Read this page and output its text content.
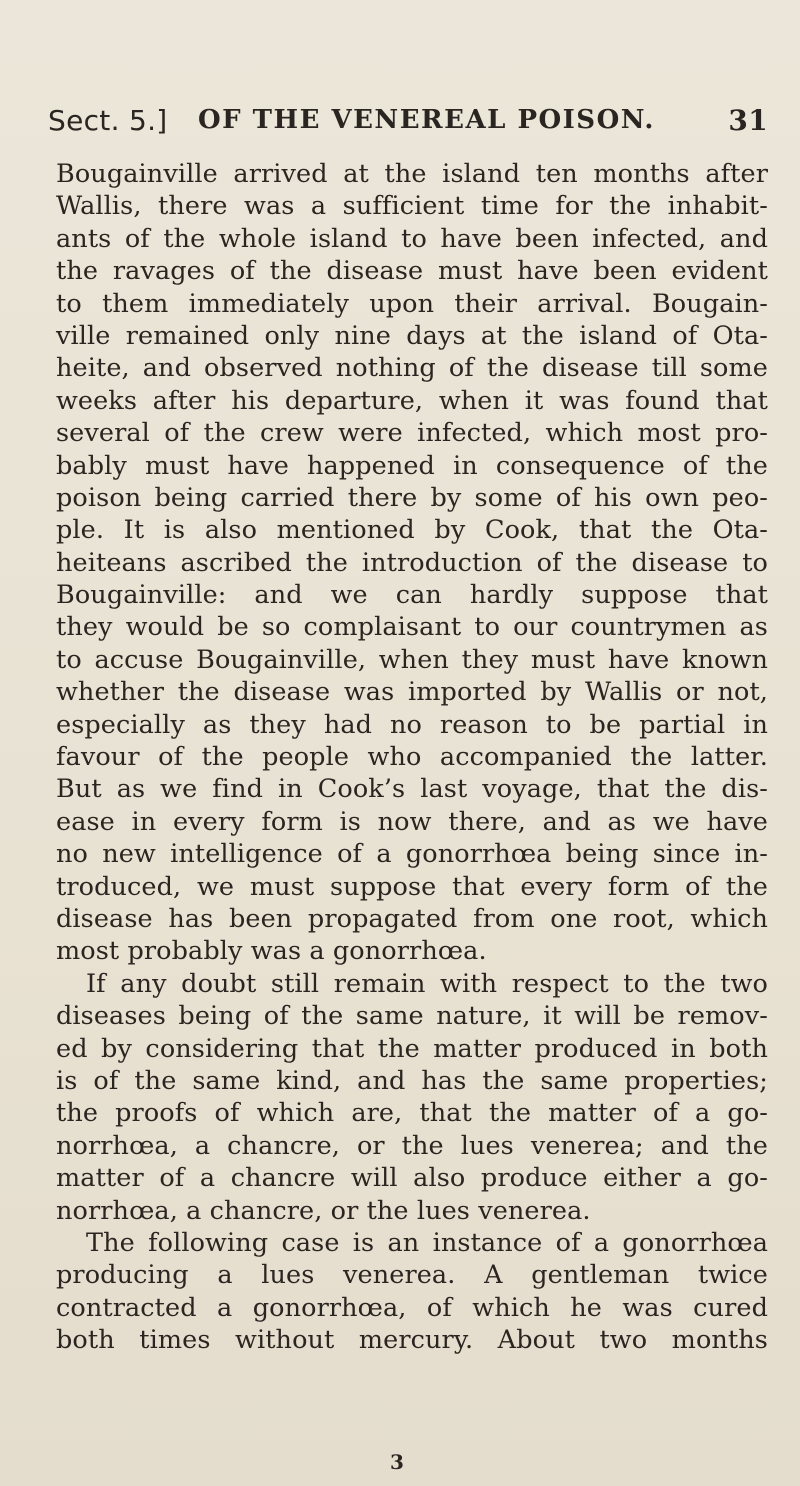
Sect. 5.] OF THE VENEREAL POISON.	31
Bougainville arrived at the island ten months after
Wallis, there was a sufficient time for the inhabit-
ants of the whole island to have been infected, and
the ravages of the disease must have been evident
to them immediately upon their arrival. Bougain-
ville remained only nine days at the island of Ota-
heite, and observed nothing of the disease till some
weeks after his departure, when it was found that
several of the crew were infected, which most pro-
bably must have happened in consequence of the
poison being carried there by some of his own peo-
ple. It is also mentioned by Cook, that the Ota-
heiteans ascribed the introduction of the disease to
Bougainville: and we can hardly suppose that
they would be so complaisant to our countrymen as
to accuse Bougainville, when they must have known
whether the disease was imported by Wallis or not,
especially as they had no reason to be partial in
favour of the people who accompanied the latter.
But as we find in Cook’s last voyage, that the dis-
ease in every form is now there, and as we have
no new intelligence of a gonorrhœa being since in-
troduced, we must suppose that every form of the
disease has been propagated from one root, which
most probably was a gonorrhœa.
If any doubt still remain with respect to the two
diseases being of the same nature, it will be remov-
ed by considering that the matter produced in both
is of the same kind, and has the same properties;
the proofs of which are, that the matter of a go-
norrhœa, a chancre, or the lues venerea; and the
matter of a chancre will also produce either a go-
norrhœa, a chancre, or the lues venerea.
The following case is an instance of a gonorrhœa
producing a lues venerea. A gentleman twice
contracted a gonorrhœa, of which he was cured
both times without mercury. About two months
3
